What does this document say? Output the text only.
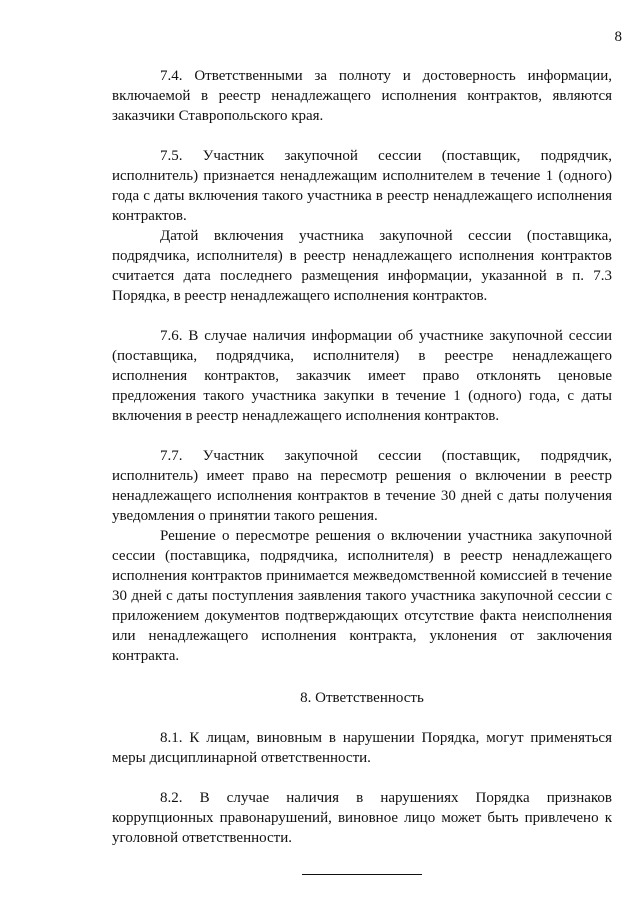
8

7.4. Ответственными за полноту и достоверность информации, включаемой в реестр ненадлежащего исполнения контрактов, являются заказчики Ставропольского края.

7.5. Участник закупочной сессии (поставщик, подрядчик, исполнитель) признается ненадлежащим исполнителем в течение 1 (одного) года с даты включения такого участника в реестр ненадлежащего исполнения контрактов.

Датой включения участника закупочной сессии (поставщика, подрядчика, исполнителя) в реестр ненадлежащего исполнения контрактов считается дата последнего размещения информации, указанной в п. 7.3 Порядка, в реестр ненадлежащего исполнения контрактов.

7.6. В случае наличия информации об участнике закупочной сессии (поставщика, подрядчика, исполнителя) в реестре ненадлежащего исполнения контрактов, заказчик имеет право отклонять ценовые предложения такого участника закупки в течение 1 (одного) года, с даты включения в реестр ненадлежащего исполнения контрактов.

7.7. Участник закупочной сессии (поставщик, подрядчик, исполнитель) имеет право на пересмотр решения о включении в реестр ненадлежащего исполнения контрактов в течение 30 дней с даты получения уведомления о принятии такого решения.

Решение о пересмотре решения о включении участника закупочной сессии (поставщика, подрядчика, исполнителя) в реестр ненадлежащего исполнения контрактов принимается межведомственной комиссией в течение 30 дней с даты поступления заявления такого участника закупочной сессии с приложением документов подтверждающих отсутствие факта неисполнения или ненадлежащего исполнения контракта, уклонения от заключения контракта.

8. Ответственность

8.1. К лицам, виновным в нарушении Порядка, могут применяться меры дисциплинарной ответственности.

8.2. В случае наличия в нарушениях Порядка признаков коррупционных правонарушений, виновное лицо может быть привлечено к уголовной ответственности.
